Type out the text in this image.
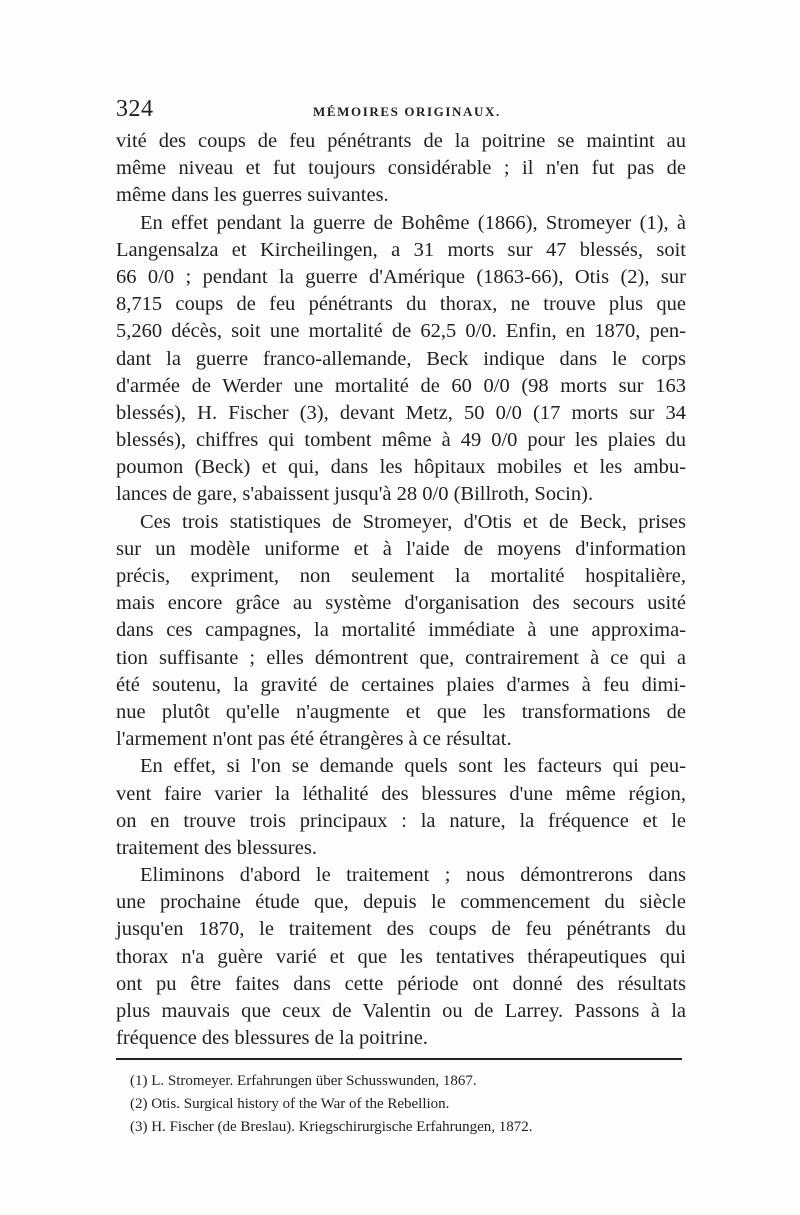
324	MÉMOIRES ORIGINAUX.
vité des coups de feu pénétrants de la poitrine se maintint au
même niveau et fut toujours considérable ; il n'en fut pas de
même dans les guerres suivantes.
En effet pendant la guerre de Bohême (1866), Stromeyer (1), à
Langensalza et Kircheilingen, a 31 morts sur 47 blessés, soit
66 0/0 ; pendant la guerre d'Amérique (1863-66), Otis (2), sur
8,715 coups de feu pénétrants du thorax, ne trouve plus que
5,260 décès, soit une mortalité de 62,5 0/0. Enfin, en 1870, pen-
dant la guerre franco-allemande, Beck indique dans le corps
d'armée de Werder une mortalité de 60 0/0 (98 morts sur 163
blessés), H. Fischer (3), devant Metz, 50 0/0 (17 morts sur 34
blessés), chiffres qui tombent même à 49 0/0 pour les plaies du
poumon (Beck) et qui, dans les hôpitaux mobiles et les ambu-
lances de gare, s'abaissent jusqu'à 28 0/0 (Billroth, Socin).
Ces trois statistiques de Stromeyer, d'Otis et de Beck, prises
sur un modèle uniforme et à l'aide de moyens d'information
précis, expriment, non seulement la mortalité hospitalière,
mais encore grâce au système d'organisation des secours usité
dans ces campagnes, la mortalité immédiate à une approxima-
tion suffisante ; elles démontrent que, contrairement à ce qui a
été soutenu, la gravité de certaines plaies d'armes à feu dimi-
nue plutôt qu'elle n'augmente et que les transformations de
l'armement n'ont pas été étrangères à ce résultat.
En effet, si l'on se demande quels sont les facteurs qui peu-
vent faire varier la léthalité des blessures d'une même région,
on en trouve trois principaux : la nature, la fréquence et le
traitement des blessures.
Eliminons d'abord le traitement ; nous démontrerons dans
une prochaine étude que, depuis le commencement du siècle
jusqu'en 1870, le traitement des coups de feu pénétrants du
thorax n'a guère varié et que les tentatives thérapeutiques qui
ont pu être faites dans cette période ont donné des résultats
plus mauvais que ceux de Valentin ou de Larrey. Passons à la
fréquence des blessures de la poitrine.
(1) L. Stromeyer. Erfahrungen über Schusswunden, 1867.
(2) Otis. Surgical history of the War of the Rebellion.
(3) H. Fischer (de Breslau). Kriegschirurgische Erfahrungen, 1872.
